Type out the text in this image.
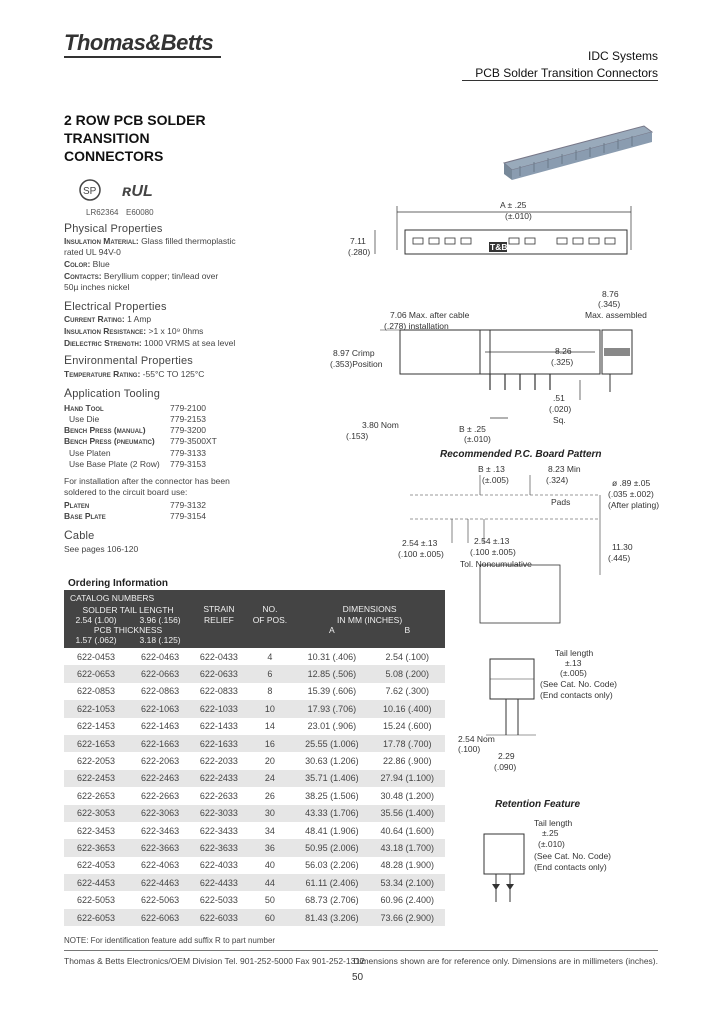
Thomas&Betts
IDC Systems
PCB Solder Transition Connectors
2 ROW PCB SOLDER
TRANSITION
CONNECTORS
SP ʀUL
LR62364 E60080
Physical Properties
Insulation Material: Glass filled thermoplastic
rated UL 94V-0
Color: Blue
Contacts: Beryllium copper; tin/lead over
50µ inches nickel
Electrical Properties
Current Rating: 1 Amp
Insulation Resistance: >1 x 10⁹ 0hms
Dielectric Strength: 1000 VRMS at sea level
Environmental Properties
Temperature Rating: -55°C TO 125°C
Application Tooling
Hand Tool	779-2100
Use Die	779-2153
Bench Press (manual)	779-3200
Bench Press (pneumatic) 779-3500XT
Use Platen	779-3133
Use Base Plate (2 Row) 779-3153
For installation after the connector has been soldered to the circuit board use:
Platen	779-3132
Base Plate	779-3154
Cable
See pages 106-120
Ordering Information
CATALOG NUMBERS					
SOLDER TAIL LENGTH		STRAIN	NO.	DIMENSIONS	
2.54 (1.00)	3.96 (.156)	RELIEF	OF POS.	IN MM (INCHES)	
PCB THICKNESS				A	B
1.57 (.062)	3.18 (.125)				
622-0453	622-0463	622-0433	4	10.31 (.406)	2.54 (.100)
622-0653	622-0663	622-0633	6	12.85 (.506)	5.08 (.200)
622-0853	622-0863	622-0833	8	15.39 (.606)	7.62 (.300)
622-1053	622-1063	622-1033	10	17.93 (.706)	10.16 (.400)
622-1453	622-1463	622-1433	14	23.01 (.906)	15.24 (.600)
622-1653	622-1663	622-1633	16	25.55 (1.006)	17.78 (.700)
622-2053	622-2063	622-2033	20	30.63 (1.206)	22.86 (.900)
622-2453	622-2463	622-2433	24	35.71 (1.406)	27.94 (1.100)
622-2653	622-2663	622-2633	26	38.25 (1.506)	30.48 (1.200)
622-3053	622-3063	622-3033	30	43.33 (1.706)	35.56 (1.400)
622-3453	622-3463	622-3433	34	48.41 (1.906)	40.64 (1.600)
622-3653	622-3663	622-3633	36	50.95 (2.006)	43.18 (1.700)
622-4053	622-4063	622-4033	40	56.03 (2.206)	48.28 (1.900)
622-4453	622-4463	622-4433	44	61.11 (2.406)	53.34 (2.100)
622-5053	622-5063	622-5033	50	68.73 (2.706)	60.96 (2.400)
622-6053	622-6063	622-6033	60	81.43 (3.206)	73.66 (2.900)
NOTE: For identification feature add suffix R to part number
Thomas & Betts Electronics/OEM Division Tel. 901-252-5000 Fax 901-252-1312
Dimensions shown are for reference only. Dimensions are in millimeters (inches).
50
A ± .25
(±.010)
7.11
(.280)	T&B
7.06 Max. after cable
(.278) installation
8.97 Crimp
(.353)Position
8.26
(.325)
8.76
(.345)
Max. assembled
.51
(.020)
Sq.
3.80 Nom
(.153)
B ± .25
(±.010)
Recommended P.C. Board Pattern
B ± .13
(±.005)
8.23 Min
(.324)
Pads
ø .89 ±.05
(.035 ±.002)
(After plating)
2.54 ±.13
(.100 ±.005)
2.54 ±.13
(.100 ±.005)
Tol. Noncumulative
11.30
(.445)
Tail length
±.13
(±.005)
(See Cat. No. Code)
(End contacts only)
2.54 Nom
(.100)
2.29
(.090)
Retention Feature
Tail length
±.25
(±.010)
(See Cat. No. Code)
(End contacts only)
